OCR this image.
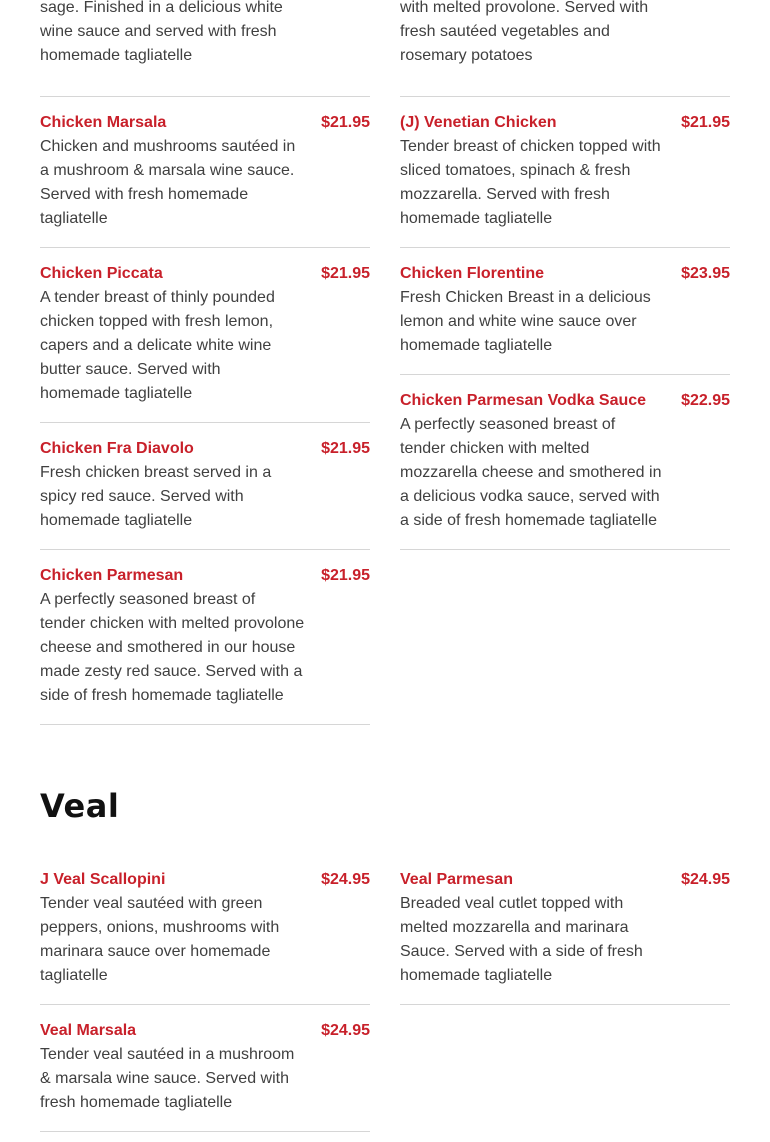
sage. Finished in a delicious white
wine sauce and served with fresh
homemade tagliatelle
with melted provolone. Served with
fresh sautéed vegetables and
rosemary potatoes
Chicken Marsala	$21.95
Chicken and mushrooms sautéed in a mushroom & marsala wine sauce. Served with fresh homemade tagliatelle
Chicken Piccata	$21.95
A tender breast of thinly pounded chicken topped with fresh lemon, capers and a delicate white wine butter sauce. Served with homemade tagliatelle
Chicken Fra Diavolo	$21.95
Fresh chicken breast served in a spicy red sauce. Served with homemade tagliatelle
Chicken Parmesan	$21.95
A perfectly seasoned breast of tender chicken with melted provolone cheese and smothered in our house made zesty red sauce. Served with a side of fresh homemade tagliatelle
(J) Venetian Chicken	$21.95
Tender breast of chicken topped with sliced tomatoes, spinach & fresh mozzarella. Served with fresh homemade tagliatelle
Chicken Florentine	$23.95
Fresh Chicken Breast in a delicious lemon and white wine sauce over homemade tagliatelle
Chicken Parmesan Vodka Sauce $22.95
A perfectly seasoned breast of tender chicken with melted mozzarella cheese and smothered in a delicious vodka sauce, served with a side of fresh homemade tagliatelle
Veal
J Veal Scallopini	$24.95
Tender veal sautéed with green peppers, onions, mushrooms with marinara sauce over homemade tagliatelle
Veal Marsala	$24.95
Tender veal sautéed in a mushroom & marsala wine sauce. Served with fresh homemade tagliatelle
Veal Parmesan	$24.95
Breaded veal cutlet topped with melted mozzarella and marinara Sauce. Served with a side of fresh homemade tagliatelle
